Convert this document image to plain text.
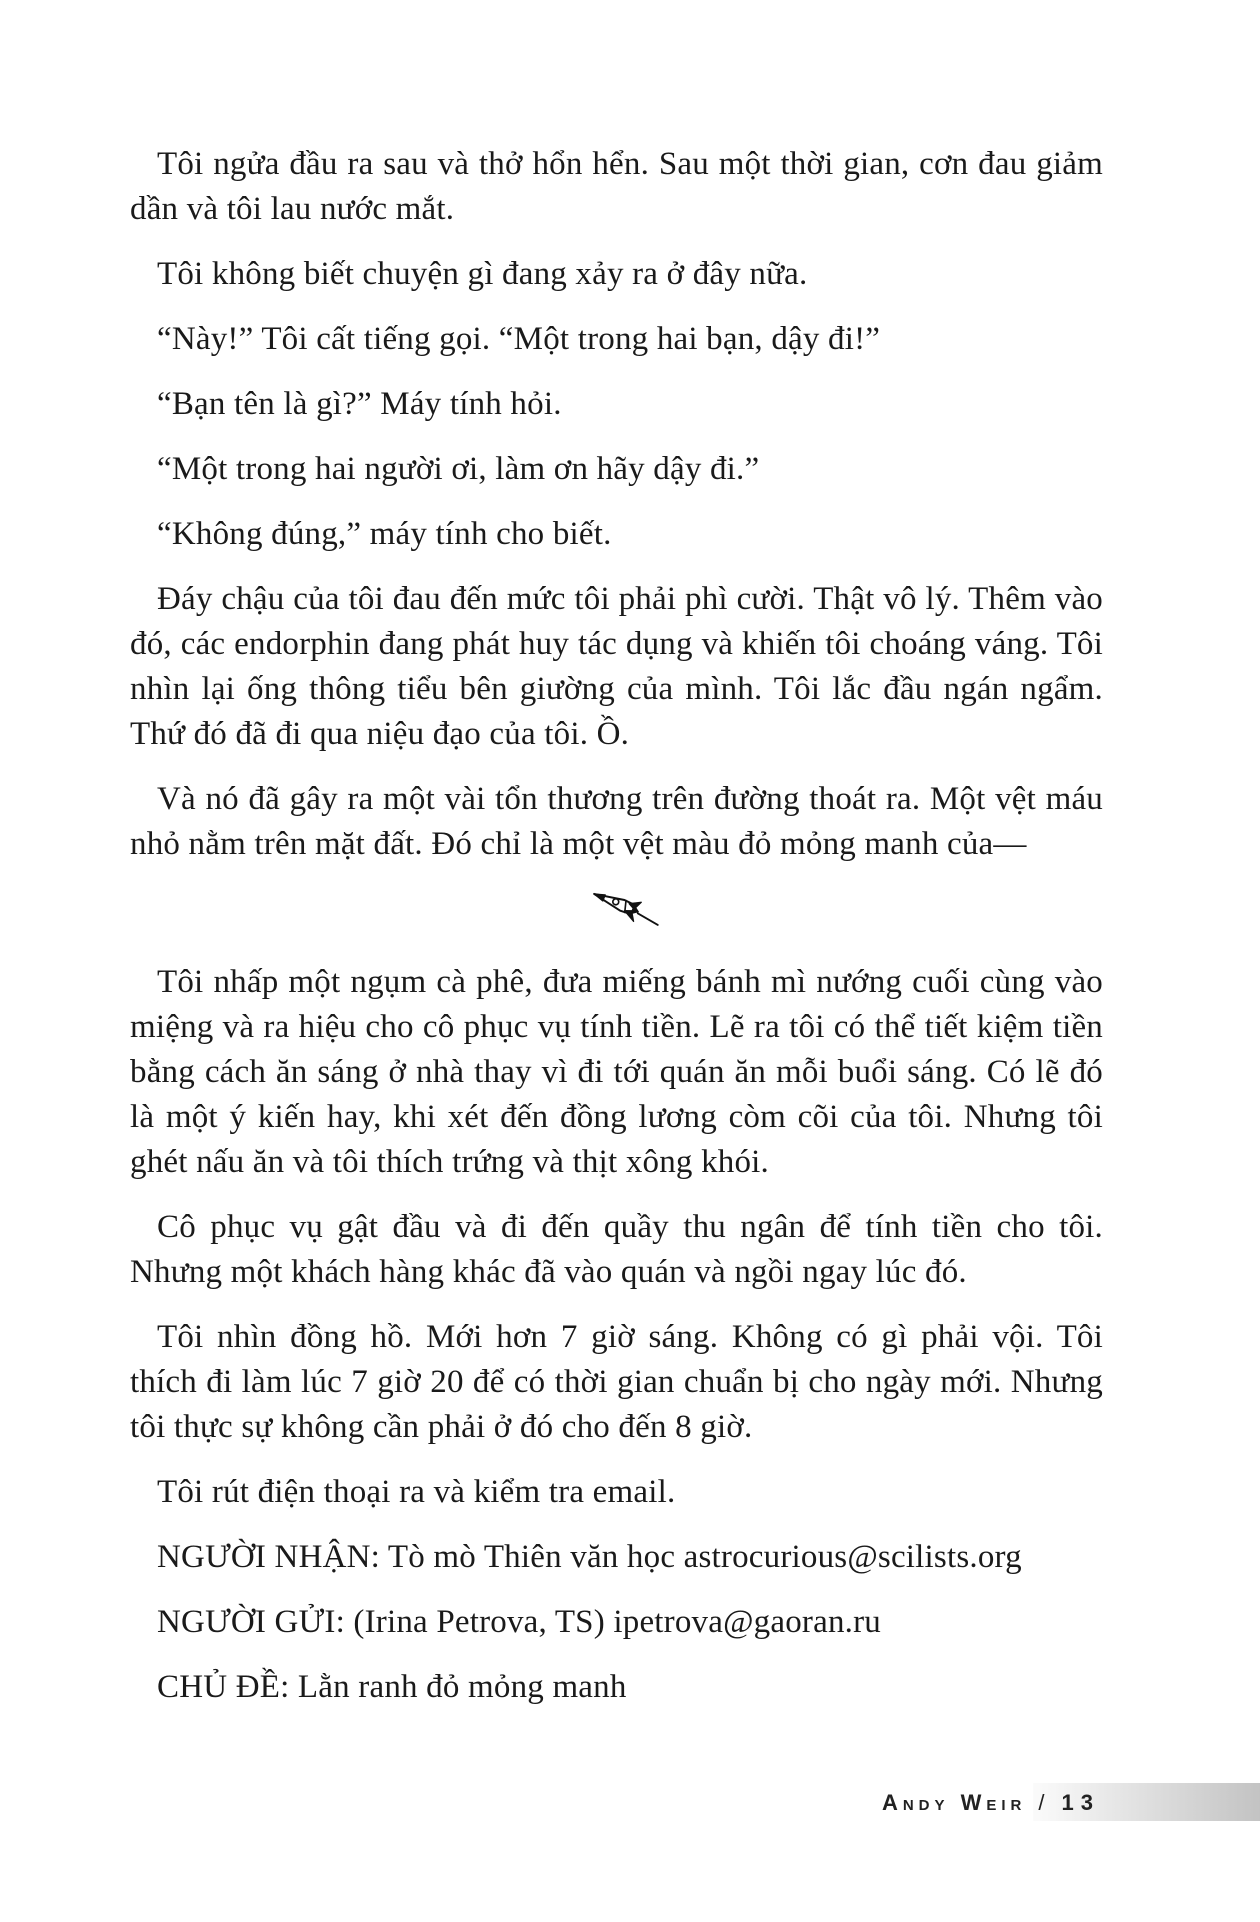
Tôi ngửa đầu ra sau và thở hổn hển. Sau một thời gian, cơn đau giảm dần và tôi lau nước mắt.

Tôi không biết chuyện gì đang xảy ra ở đây nữa.

“Này!” Tôi cất tiếng gọi. “Một trong hai bạn, dậy đi!”

“Bạn tên là gì?” Máy tính hỏi.

“Một trong hai người ơi, làm ơn hãy dậy đi.”

“Không đúng,” máy tính cho biết.

Đáy chậu của tôi đau đến mức tôi phải phì cười. Thật vô lý. Thêm vào đó, các endorphin đang phát huy tác dụng và khiến tôi choáng váng. Tôi nhìn lại ống thông tiểu bên giường của mình. Tôi lắc đầu ngán ngẩm. Thứ đó đã đi qua niệu đạo của tôi. Ồ.

Và nó đã gây ra một vài tổn thương trên đường thoát ra. Một vệt máu nhỏ nằm trên mặt đất. Đó chỉ là một vệt màu đỏ mỏng manh của—

Tôi nhấp một ngụm cà phê, đưa miếng bánh mì nướng cuối cùng vào miệng và ra hiệu cho cô phục vụ tính tiền. Lẽ ra tôi có thể tiết kiệm tiền bằng cách ăn sáng ở nhà thay vì đi tới quán ăn mỗi buổi sáng. Có lẽ đó là một ý kiến hay, khi xét đến đồng lương còm cõi của tôi. Nhưng tôi ghét nấu ăn và tôi thích trứng và thịt xông khói.

Cô phục vụ gật đầu và đi đến quầy thu ngân để tính tiền cho tôi. Nhưng một khách hàng khác đã vào quán và ngồi ngay lúc đó.

Tôi nhìn đồng hồ. Mới hơn 7 giờ sáng. Không có gì phải vội. Tôi thích đi làm lúc 7 giờ 20 để có thời gian chuẩn bị cho ngày mới. Nhưng tôi thực sự không cần phải ở đó cho đến 8 giờ.

Tôi rút điện thoại ra và kiểm tra email.

NGƯỜI NHẬN: Tò mò Thiên văn học astrocurious@scilists.org

NGƯỜI GỬI: (Irina Petrova, TS) ipetrova@gaoran.ru

CHỦ ĐỀ: Lằn ranh đỏ mỏng manh

Andy Weir / 13
